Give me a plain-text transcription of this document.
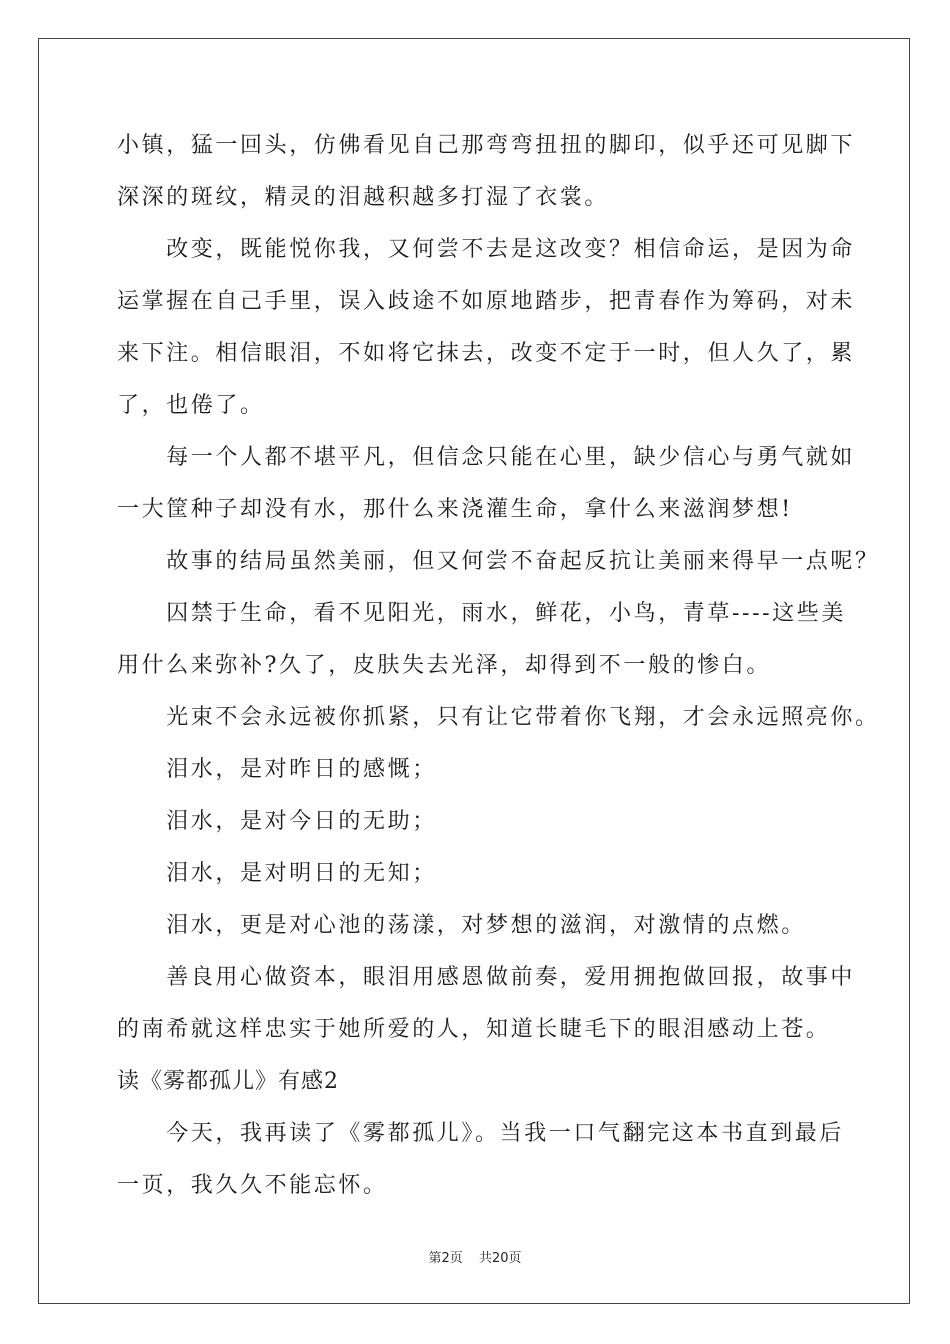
小镇，猛一回头，仿佛看见自己那弯弯扭扭的脚印，似乎还可见脚下
深深的斑纹，精灵的泪越积越多打湿了衣裳。
　　改变，既能悦你我，又何尝不去是这改变？相信命运，是因为命
运掌握在自己手里，误入歧途不如原地踏步，把青春作为筹码，对未
来下注。相信眼泪，不如将它抹去，改变不定于一时，但人久了，累
了，也倦了。
　　每一个人都不堪平凡，但信念只能在心里，缺少信心与勇气就如
一大筐种子却没有水，那什么来浇灌生命，拿什么来滋润梦想!
　　故事的结局虽然美丽，但又何尝不奋起反抗让美丽来得早一点呢？
　　囚禁于生命，看不见阳光，雨水，鲜花，小鸟，青草----这些美
用什么来弥补?久了，皮肤失去光泽，却得到不一般的惨白。
　　光束不会永远被你抓紧，只有让它带着你飞翔，才会永远照亮你。
　　泪水，是对昨日的感慨；
　　泪水，是对今日的无助；
　　泪水，是对明日的无知；
　　泪水，更是对心池的荡漾，对梦想的滋润，对激情的点燃。
　　善良用心做资本，眼泪用感恩做前奏，爱用拥抱做回报，故事中
的南希就这样忠实于她所爱的人，知道长睫毛下的眼泪感动上苍。
读《雾都孤儿》有感2
　　今天，我再读了《雾都孤儿》。当我一口气翻完这本书直到最后
一页，我久久不能忘怀。
第2页 共20页
